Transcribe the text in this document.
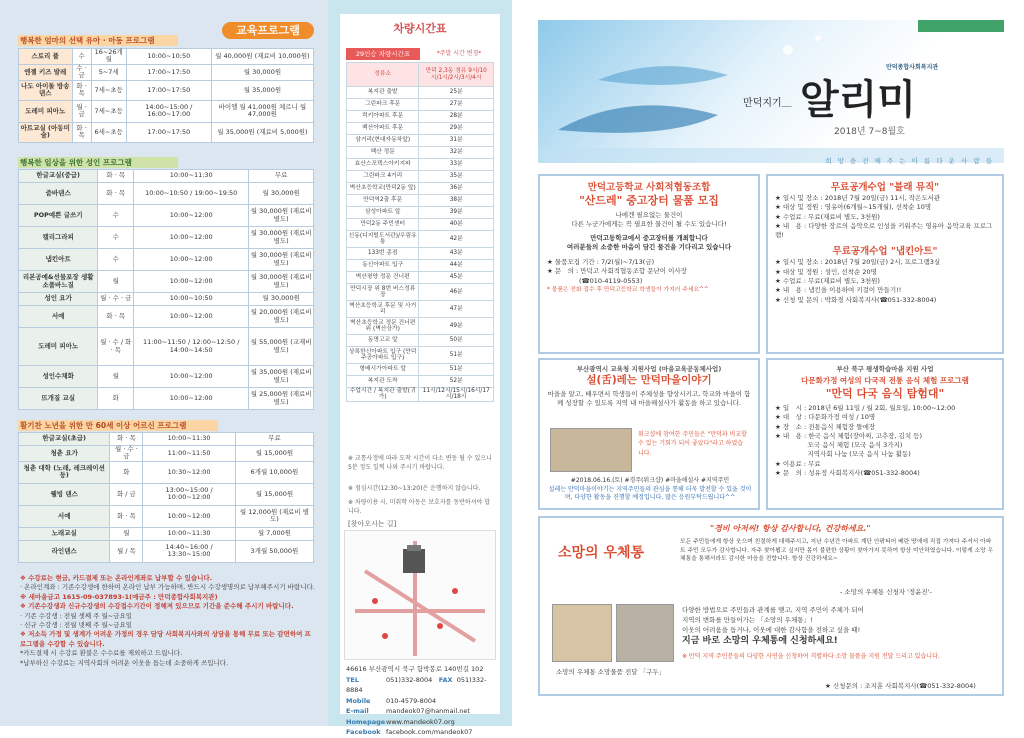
교육프로그램
행복한 엄마의 선택 유아 · 아동 프로그램
스토리 풀	수	16~26개월	10:00~10:50	월 40,000원 (재료비 10,000원)
엔젤 키즈 발레	수 · 금	5~7세	17:00~17:50	월 30,000원
나도 아이돌 방송댄스	화 · 목	7세~초등	17:00~17:50	월 35,000원
도레미 피아노	월 · 금	7세~초등	14:00~15:00 / 16:00~17:00	바이엘 월 41,000원 체르니 월 47,000원
아트교실 (아동미술)	화 · 목	6세~초등	17:00~17:50	월 35,000원 (재료비 5,000원)
행복한 일상을 위한 성인 프로그램
한글교실(중급)	화 · 목	10:00~11:30	무료
줌바댄스	화 · 목	10:00~10:50 / 19:00~19:50	월 30,000원
POP예쁜 글쓰기	수	10:00~12:00	월 30,000원 (재료비 별도)
캘리그라피	수	10:00~12:00	월 30,000원 (재료비 별도)
냅킨아트	수	10:00~12:00	월 30,000원 (재료비 별도)
리본공예&선물포장 생활소품바느질	월	10:00~12:00	월 30,000원 (재료비 별도)
성인 요가	월 · 수 · 금	10:00~10:50	월 30,000원
서예	화 · 목	10:00~12:00	월 20,000원 (재료비 별도)
도레미 피아노	월 · 수 / 화 · 목	11:00~11:50 / 12:00~12:50 / 14:00~14:50	월 55,000원 (교재비 별도)
성인수채화	월	10:00~12:00	월 35,000원 (재료비 별도)
뜨개질 교실	화	10:00~12:00	월 25,000원 (재료비 별도)
활기찬 노년을 위한 만 60세 이상 어르신 프로그램
한글교실(초급)	화 · 목	10:00~11:30	무료
청춘 요가	월 · 수 · 금	11:00~11:50	월 15,000원
청춘 대학 (노래, 레크레이션 등)	화	10:30~12:00	6개월 10,000원
웰빙 댄스	화 / 금	13:00~15:00 / 10:00~12:00	월 15,000원
서예	화 · 목	10:00~12:00	월 12,000원 (재료비 별도)
노래교실	월	10:00~11:30	월 7,000원
라인댄스	월 / 목	14:40~16:00 / 13:30~15:00	3개월 50,000원
❖ 수강료는 현금, 카드결제 또는 온라인계좌로 납부할 수 있습니다.
· 온라인계좌 : 기존수강생에 한하여 온라인 납부 가능하며, 반드시 수강생명의로 납부해주시기 바랍니다.
※ 새마을금고 1615-09-037893-1(예금주 : 만덕종합사회복지관)
❖ 기존수강생과 신규수강생의 수강접수기간이 정해져 있으므로 기간을 준수해 주시기 바랍니다.
· 기존 수강생 : 전월 셋째 주 월~금요일
· 신규 수강생 : 전월 넷째 주 월~금요일
❖ 저소득 가정 및 생계가 어려운 가정의 경우 담당 사회복지사와의 상담을 통해 무료 또는 감면하여 프로그램을 수강할 수 있습니다.
*카드결제 시 수강료 환불은 수수료를 제외하고 드립니다.
*납부하신 수강료는 지역사회의 어려운 이웃을 돕는데 소중하게 쓰입니다.
차량시간표
29인승 차량시간표	*주말 시간 변경*
정류소	만덕 2,3동 경유 9시/10시/1시/2시/3시/4시
복지관 출발	25분
그린파크 후문	27분
럭키아파트 후문	28분
백산아파트 후문	29분
삼거리(현대자동차앞)	31분
백산 정문	32분
효산스포텍스아키지파	33분
그린파크 4거리	35분
벽산초등학교(만덕2동 앞)	36분
만덕역2출 후문	38분
삼성아파트 앞	39분
만덕2동 주민센터	40분
신동(디지털도서관)/우림유통	42분
133번 종점	43분
동신아파트 입구	44분
벽산평양 정문 건너편	45분
만덕시장 위 8번 버스정류장	46분
벽산초등학교 후문 및 사거리	47분
벽산초등학교 정문 건너편 위 (벽산상가)	49분
동명고교 앞	50분
상록한신아파트 입구 (만덕주공아파트 입구)	51분
형배시가아파트 앞	51분
복지관 도착	52분
수업시간 / 복지관 출발(귀가)	11시/12시/15시/16시/17시/18시
※ 교통사정에 따라 도착 시간이 다소 변동 될 수 있으니 5분 정도 일찍 나와 주시기 바랍니다.
※ 점심시간(12:30~13:20)은 운행하지 않습니다.
※ 차량이용 시, 미취학 아동은 보호자를 동반하셔야 합니다.
[찾아오시는 길]
46616 부산광역시 북구 함박봉로 140번길 102
TEL	051)332-8004　 FAX 051)332-8884
Mobile 010-4579-8004
E-mail	mandeok07@hanmail.net
Homepagewww.mandeok07.org
Facebook facebook.com/mandeok07
만덕지기＿ 알리미
2018년 7~8월호
만덕종합사회복지관
희 망 을 전 해 주 는 아 름 다 운 사 람 들
만덕고등학교 사회적협동조합
"산드레" 중고장터 물품 모집

나에겐 필요없는 물건이

다른 누군가에게는 꼭 필요한 물건이 될 수도 있습니다!

만덕고등학교에서 중고장터를 개최합니다

여러분들의 소중한 마음이 담긴 물건을 기다리고 있습니다

★ 물품모집 기간 : 7/2(월)~7/13(금)

★ 문　의 : 만덕고 사회적협동조합 문난이 이사장

(☎010-4119-0553)

* 물품은 전화 접수 후 만덕고등학교 학생들이 가지러 주세요^^

무료공개수업 "블래 뮤직"

★ 일시 및 장소 : 2018년 7월 20일(금) 11시, 작은도서관

★ 대상 및 정원 : 영유아(6개월~15개월), 선착순 10명

★ 수업료 : 무료(재료비 별도, 3천원)

★ 내　용 : 다양한 장르의 음악으로 인성을 키워주는 영유아 음악교육 프로그램!

무료공개수업 "냅킨아트"

★ 일시 및 장소 : 2018년 7월 20일(금) 2시, 프로그램3실

★ 대상 및 정원 : 성인, 선착순 20명

★ 수업료 : 무료(재료비 별도, 3천원)

★ 내　용 : 냅킨을 이용하여 키걸이 만들기!!

★ 신청 및 문의 : 박화경 사회복지사(☎051-332-8004)

부산광역시 교육청 지원사업 (마을교육공동체사업)
설(舌)레는 만덕마을이야기

마을을 알고, 배우면서 학생들이 주체성을 향상시키고, 학교와 마을이 함께 성장할 수 있도록 지역 내 마을해설사가 활동을 하고 있습니다.

워크샵에 참여한 주민들은 "만덕과 비교할 수 있는 기회가 되어 좋았다"라고 하였습니다.

#2018.06.16.(토) #경주(워크샵) #마을해설사 #지역주민

설레는 만덕마을이야기는 지역주민들의 관심을 통해 더욱 발전할 수 있을 것이며, 다양한 활동을 진행할 예정입니다. 많은 응원부탁드립니다^^

부산 북구 평생학습마을 지원 사업
다문화가정 여성의 다국적 전통 음식 체험 프로그램
"만덕 다국 음식 탐험대"

★ 일　시 : 2018년 6월 11일 / 월 2회, 월요일, 10:00~12:00

★ 대　상 : 다문화가정 여성 / 10명

★ 장　소 : 전통음식 체험장 뜰에장

★ 내　용 : 한국 음식 체험(장아찌, 고추장, 김치 등)

　　　　　모국 음식 체험 (모국 음식 3가지)

　　　　　지역사회 나눔 (모국 음식 나눔 활동)

★ 이용료 : 무료

★ 문　의 : 성유정 사회복지사(☎051-332-8004)

소망의 우체통

"경비 아저씨! 항상 감사합니다, 건강하세요."

모든 주민들에게 항상 웃으며 친절하게 대해주시고, 지난 수년간 아파트 계단 안팎티어 베란 땅에에 직접 가져다 주셔서 아파트 주민 모두가 감사합니다. 자주 찾아뵙고 싶지만 몸이 불편한 상황이 찾아가지 못하여 항상 미안하였습니다. 이렇게 소망 우체통을 통해서라도 감사한 마음을 전합니다. 항상 건강하세요~

- 소망의 우체통 신청자 '정윤진'-

소망의 우체통 소망물품 전달 「구두」

다양한 방법으로 주민들과 관계를 맺고, 지역 주민이 주체가 되어

지역의 변화를 만들어가는 「소망의 우체통」!

이웃의 어려움을 돕거나, 이웃에 대한 감사함을 전하고 싶을 때!

지금 바로 소망의 우체통에 신청하세요!

※ 만덕 지역 주민분들의 다양한 사연을 신청하여 격렬하다 소망 물품을 지원 전달 드리고 있습니다.

★ 신청문의 : 조지훈 사회복지사(☎051-332-8004)
